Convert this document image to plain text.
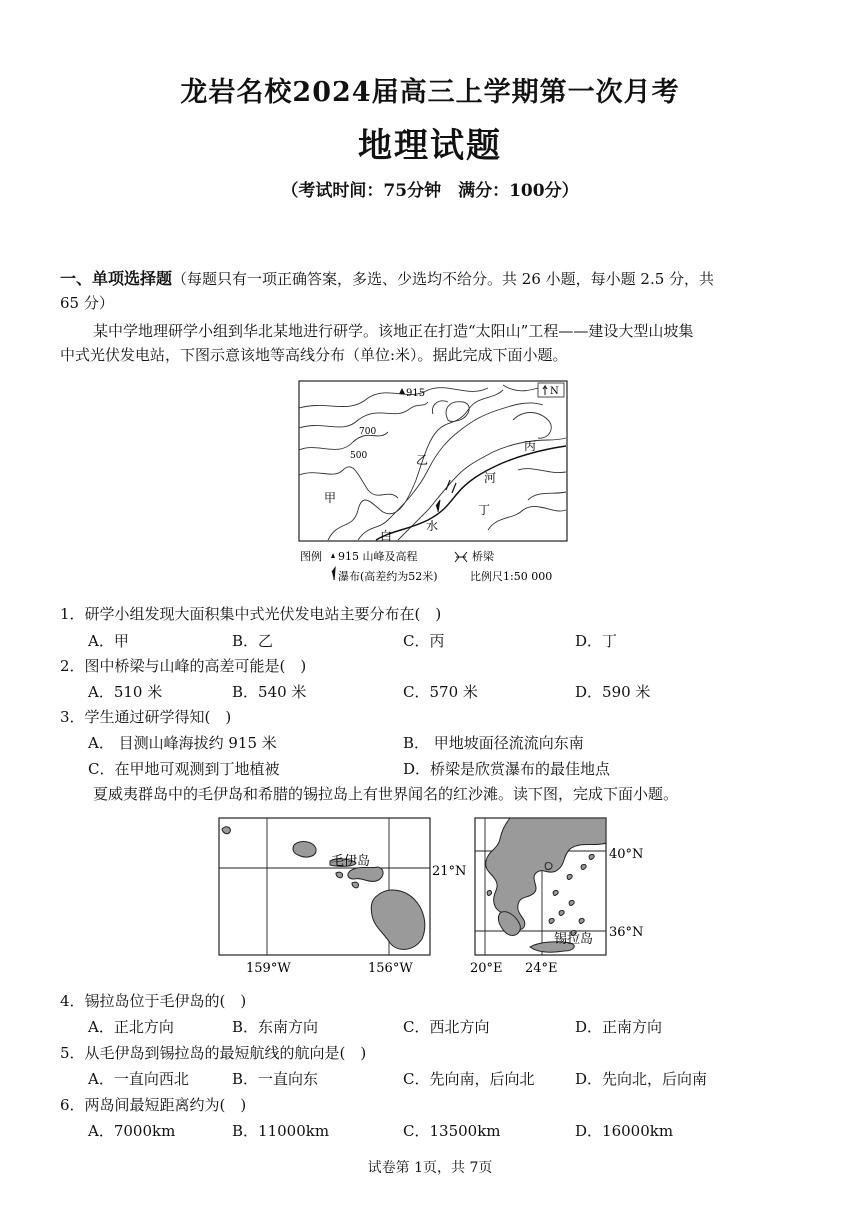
龙岩名校2024届高三上学期第一次月考
地理试题
（考试时间：75分钟　满分：100分）
一、单项选择题（每题只有一项正确答案，多选、少选均不给分。共 26 小题，每小题 2.5 分，共
65 分）
某中学地理研学小组到华北某地进行研学。该地正在打造“太阳山”工程——建设大型山坡集
中式光伏发电站，下图示意该地等高线分布（单位:米）。据此完成下面小题。
915
700
500
甲
乙
丙
丁
白
水
河
N
图例 915 山峰及高程	桥梁
瀑布(高差约为52米)	比例尺1:50 000
1．研学小组发现大面积集中式光伏发电站主要分布在(　)
A．甲	B．乙	C．丙	D．丁
2．图中桥梁与山峰的高差可能是(　)
A．510 米	B．540 米	C．570 米	D．590 米
3．学生通过研学得知(　)
A． 目测山峰海拔约 915 米	B． 甲地坡面径流流向东南
C．在甲地可观测到丁地植被	D．桥梁是欣赏瀑布的最佳地点
夏威夷群岛中的毛伊岛和希腊的锡拉岛上有世界闻名的红沙滩。读下图，完成下面小题。
毛伊岛
21°N
159°W	156°W
40°N
36°N
20°E 24°E
锡拉岛
4．锡拉岛位于毛伊岛的(　)
A．正北方向	B．东南方向	C．西北方向	D．正南方向
5．从毛伊岛到锡拉岛的最短航线的航向是(　)
A．一直向西北	B．一直向东	C．先向南，后向北	D．先向北，后向南
6．两岛间最短距离约为(　)
A．7000km	B．11000km	C．13500km	D．16000km
试卷第 1页，共 7页
